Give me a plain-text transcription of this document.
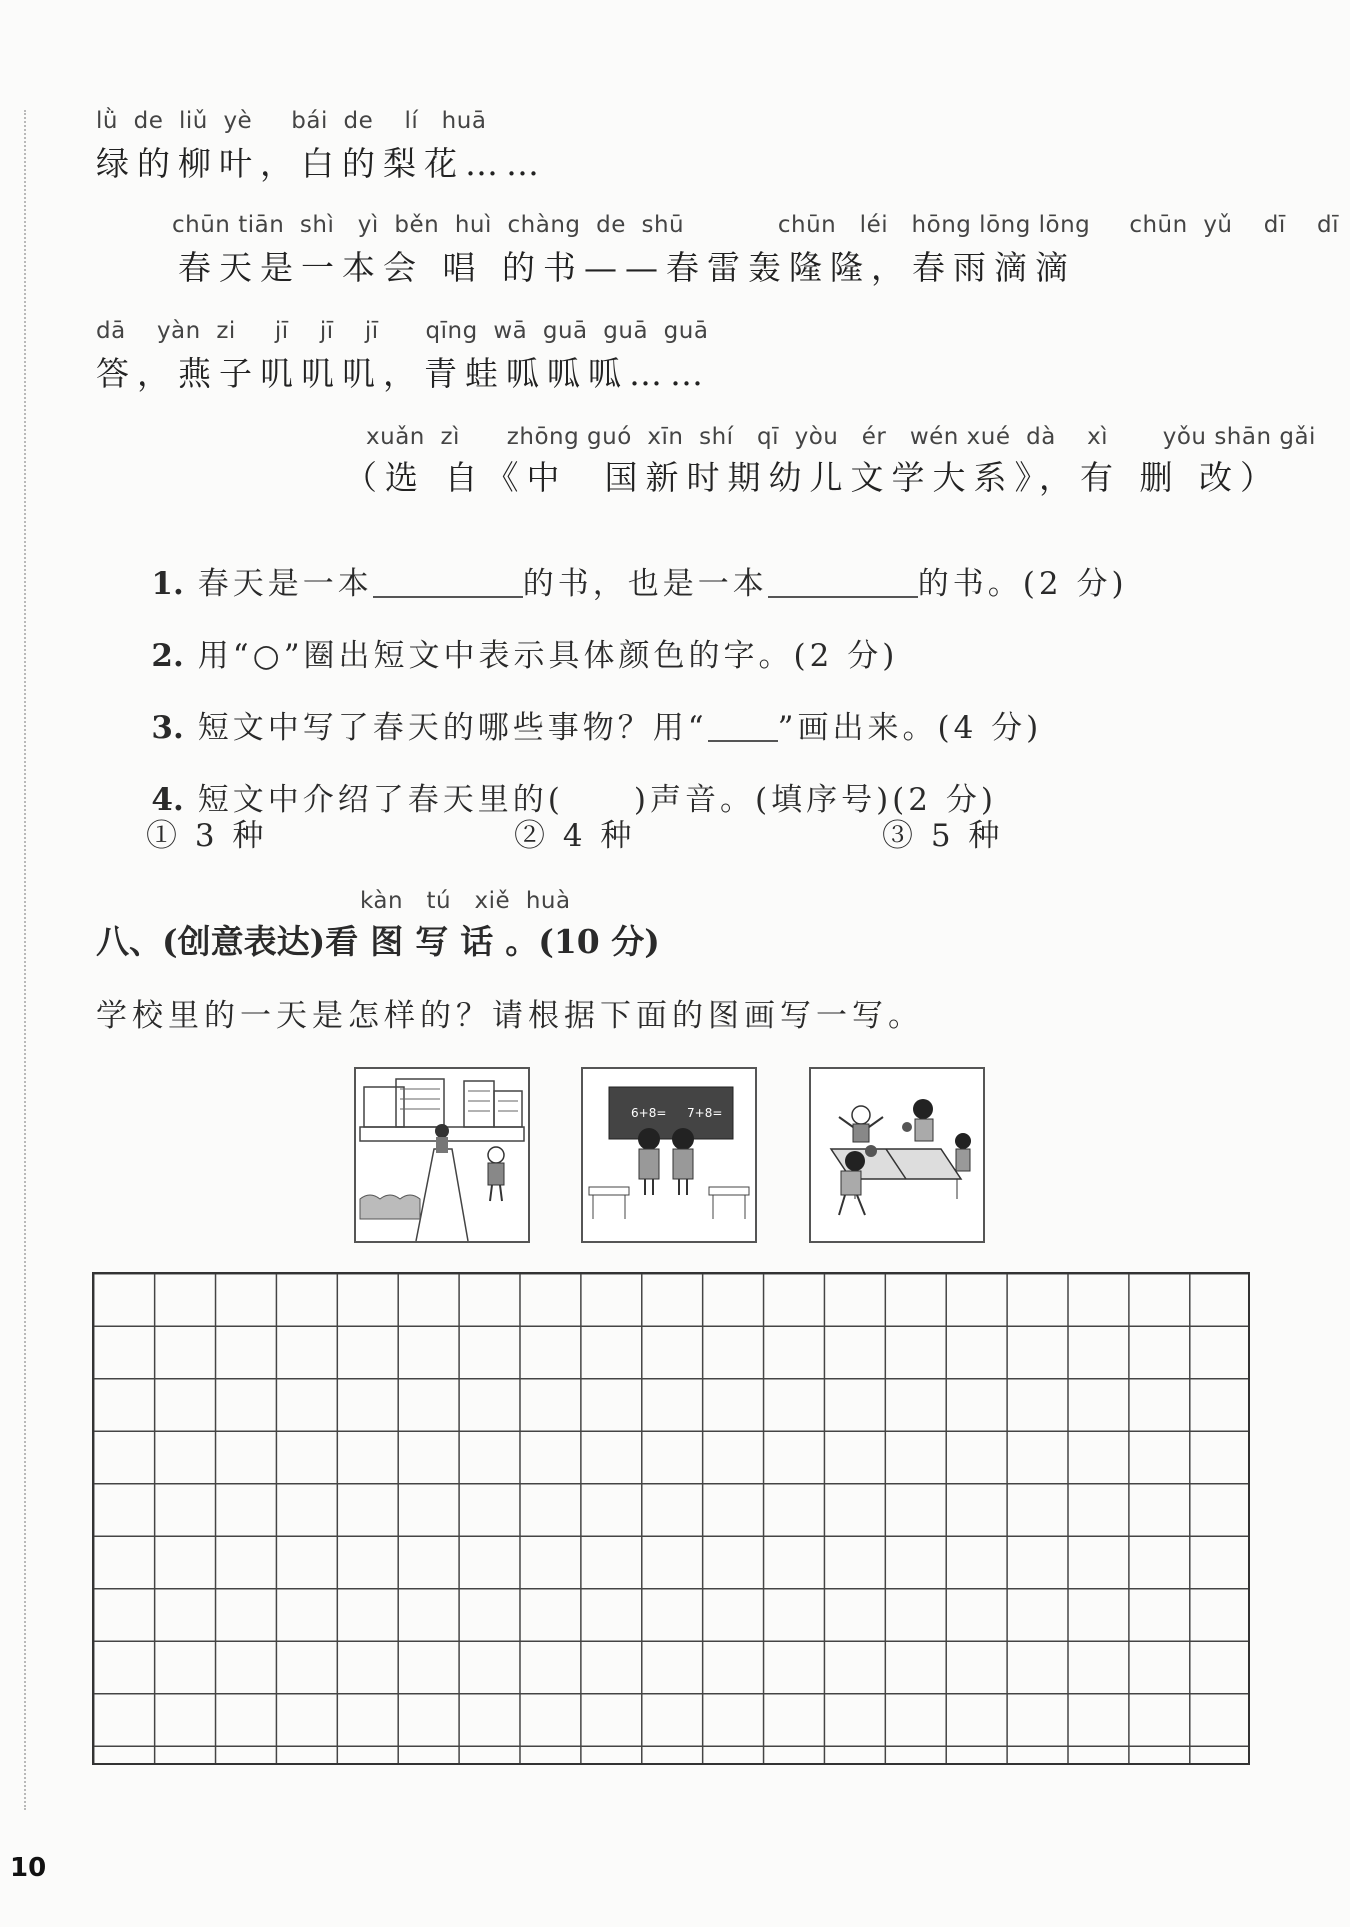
lǜ  de  liǔ  yè     bái  de    lí   huā
绿的柳叶，白的梨花……
chūn tiān  shì   yì  běn  huì  chàng  de  shū            chūn   léi   hōng lōng lōng     chūn  yǔ    dī    dī
春天是一本会 唱 的书——春雷轰隆隆，春雨滴滴
dā    yàn  zi     jī    jī    jī      qīng  wā  guā  guā  guā
答，燕子叽叽叽，青蛙呱呱呱……
xuǎn  zì      zhōng guó  xīn  shí   qī  yòu   ér   wén xué  dà    xì       yǒu shān gǎi
（选 自《中  国新时期幼儿文学大系》，有 删 改）

1. 春天是一本	的书，也是一本	的书。(2 分)

2. 用“○”圈出短文中表示具体颜色的字。(2 分)

3. 短文中写了春天的哪些事物？用“ ”画出来。(4 分)

4. 短文中介绍了春天里的( )声音。(填序号)(2 分)

① 3 种	② 4 种	③ 5 种
kàn   tú   xiě  huà
八、(创意表达)看图写话。(10 分)
学校里的一天是怎样的？请根据下面的图画写一写。
6+8= 7+8=
10
